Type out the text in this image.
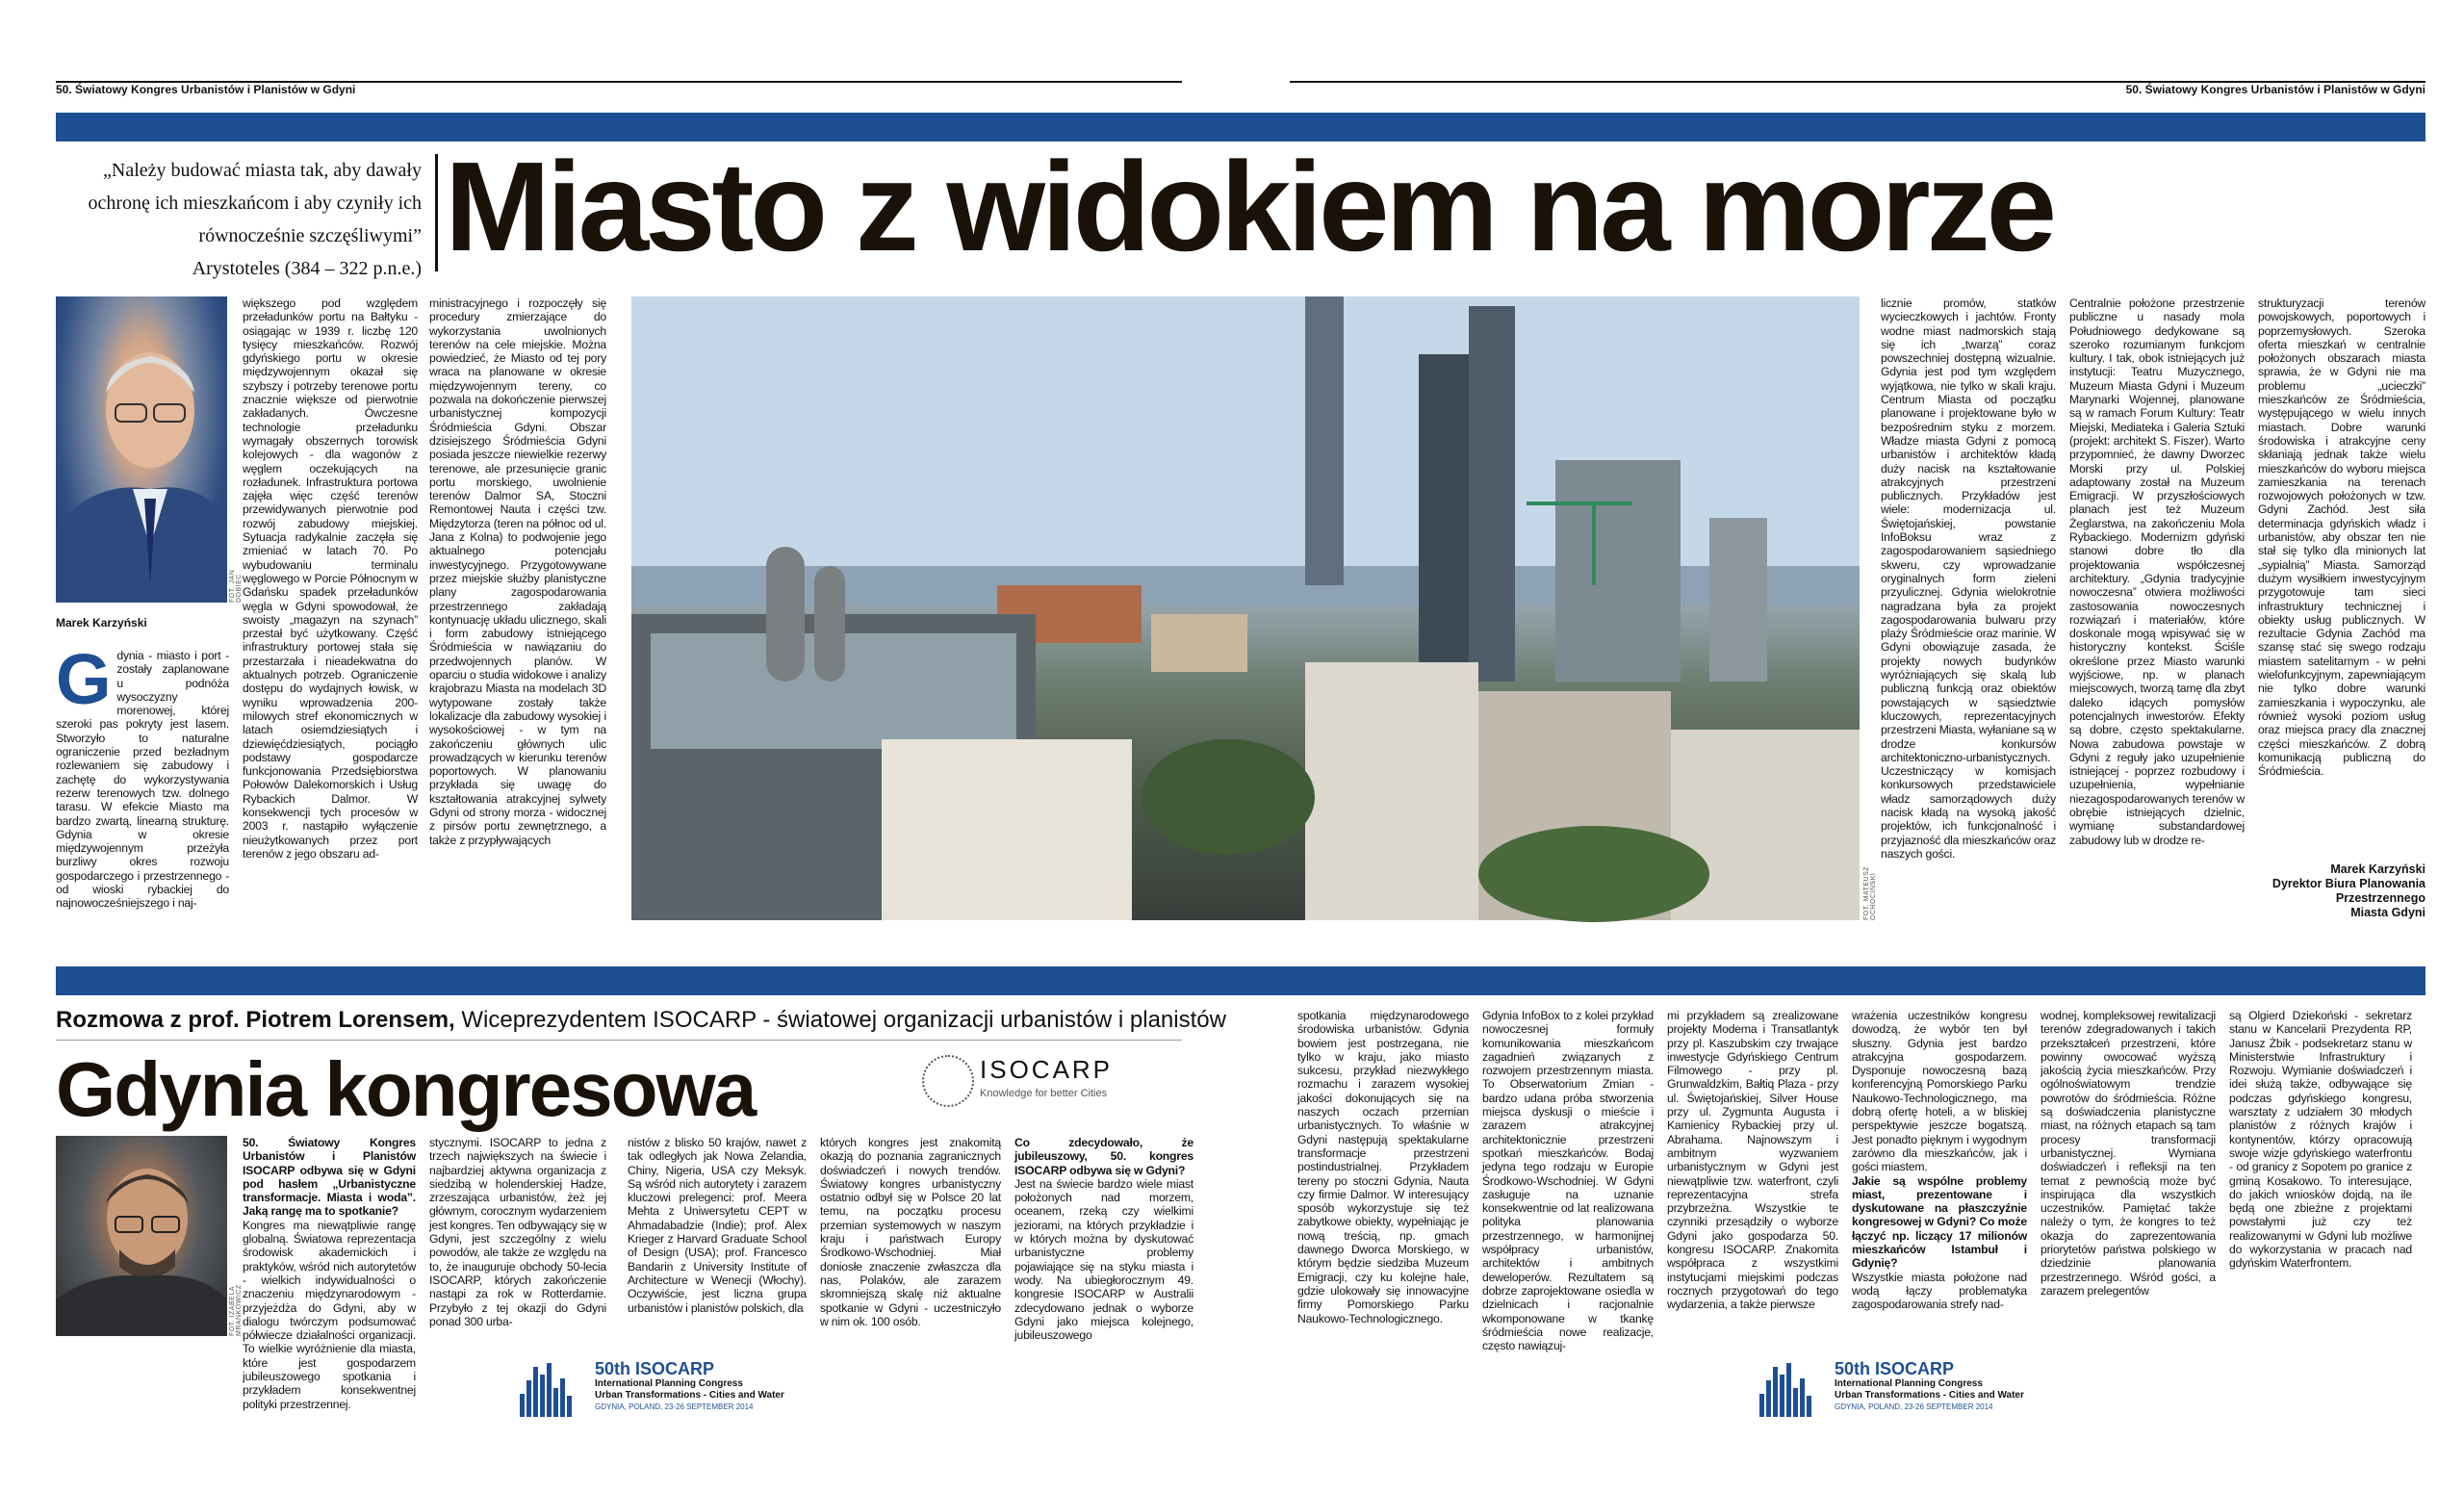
50. Światowy Kongres Urbanistów i Planistów w Gdyni	50. Światowy Kongres Urbanistów i Planistów w Gdyni
„Należy budować miasta tak, aby dawały
ochronę ich mieszkańcom i aby czyniły ich
równocześnie szczęśliwymi”
Arystoteles (384 – 322 p.n.e.) Miasto z widokiem na morze
FOT. JAN DOBIEC
Marek Karzyński
Gdynia - miasto i port - zostały zaplanowane u podnóża wysoczyzny morenowej, której szeroki pas pokryty jest lasem. Stworzyło to naturalne ograniczenie przed bezładnym rozlewaniem się zabudowy i zachętę do wykorzystywania rezerw terenowych tzw. dolnego tarasu. W efekcie Miasto ma bardzo zwartą, linearną strukturę. Gdynia w okresie międzywojennym przeżyła burzliwy okres rozwoju gospodarczego i przestrzennego - od wioski rybackiej do najnowocześniejszego i naj-
większego pod względem przeładunków portu na Bałtyku - osiągając w 1939 r. liczbę 120 tysięcy mieszkańców. Rozwój gdyńskiego portu w okresie międzywojennym okazał się szybszy i potrzeby terenowe portu znacznie większe od pierwotnie zakładanych. Ówczesne technologie przeładunku wymagały obszernych torowisk kolejowych - dla wagonów z węglem oczekujących na rozładunek. Infrastruktura portowa zajęła więc część terenów przewidywanych pierwotnie pod rozwój zabudowy miejskiej. Sytuacja radykalnie zaczęła się zmieniać w latach 70. Po wybudowaniu terminalu węglowego w Porcie Północnym w Gdańsku spadek przeładunków węgla w Gdyni spowodował, że swoisty „magazyn na szynach” przestał być użytkowany. Część infrastruktury portowej stała się przestarzała i nieadekwatna do aktualnych potrzeb. Ograniczenie dostępu do wydajnych łowisk, w wyniku wprowadzenia 200-milowych stref ekonomicznych w latach osiemdziesiątych i dziewięćdziesiątych, pociągło podstawy gospodarcze funkcjonowania Przedsiębiorstwa Połowów Dalekomorskich i Usług Rybackich Dalmor. W konsekwencji tych procesów w 2003 r. nastąpiło wyłączenie nieużytkowanych przez port terenów z jego obszaru ad-
ministracyjnego i rozpoczęły się procedury zmierzające do wykorzystania uwolnionych terenów na cele miejskie. Można powiedzieć, że Miasto od tej pory wraca na planowane w okresie międzywojennym tereny, co pozwala na dokończenie pierwszej urbanistycznej kompozycji Śródmieścia Gdyni. Obszar dzisiejszego Śródmieścia Gdyni posiada jeszcze niewielkie rezerwy terenowe, ale przesunięcie granic portu morskiego, uwolnienie terenów Dalmor SA, Stoczni Remontowej Nauta i części tzw. Międzytorza (teren na północ od ul. Jana z Kolna) to podwojenie jego aktualnego potencjału inwestycyjnego. Przygotowywane przez miejskie służby planistyczne plany zagospodarowania przestrzennego zakładają kontynuację układu ulicznego, skali i form zabudowy istniejącego Śródmieścia w nawiązaniu do przedwojennych planów. W oparciu o studia widokowe i analizy krajobrazu Miasta na modelach 3D wytypowane zostały także lokalizacje dla zabudowy wysokiej i wysokościowej - w tym na zakończeniu głównych ulic prowadzących w kierunku terenów poportowych. W planowaniu przykłada się uwagę do kształtowania atrakcyjnej sylwety Gdyni od strony morza - widocznej z pirsów portu zewnętrznego, a także z przypływających
FOT. MATEUSZ OCHOCIŃSKI
licznie promów, statków wycieczkowych i jachtów. Fronty wodne miast nadmorskich stają się ich „twarzą” coraz powszechniej dostępną wizualnie. Gdynia jest pod tym względem wyjątkowa, nie tylko w skali kraju. Centrum Miasta od początku planowane i projektowane było w bezpośrednim styku z morzem. Władze miasta Gdyni z pomocą urbanistów i architektów kładą duży nacisk na kształtowanie atrakcyjnych przestrzeni publicznych. Przykładów jest wiele: modernizacja ul. Świętojańskiej, powstanie InfoBoksu wraz z zagospodarowaniem sąsiedniego skweru, czy wprowadzanie oryginalnych form zieleni przyulicznej. Gdynia wielokrotnie nagradzana była za projekt zagospodarowania bulwaru przy plaży Śródmieście oraz marinie. W Gdyni obowiązuje zasada, że projekty nowych budynków wyróżniających się skalą lub publiczną funkcją oraz obiektów powstających w sąsiedztwie kluczowych, reprezentacyjnych przestrzeni Miasta, wyłaniane są w drodze konkursów architektoniczno-urbanistycznych. Uczestniczący w komisjach konkursowych przedstawiciele władz samorządowych duży nacisk kładą na wysoką jakość projektów, ich funkcjonalność i przyjazność dla mieszkańców oraz naszych gości.
Centralnie położone przestrzenie publiczne u nasady mola Południowego dedykowane są szeroko rozumianym funkcjom kultury. I tak, obok istniejących już instytucji: Teatru Muzycznego, Muzeum Miasta Gdyni i Muzeum Marynarki Wojennej, planowane są w ramach Forum Kultury: Teatr Miejski, Mediateka i Galeria Sztuki (projekt: architekt S. Fiszer). Warto przypomnieć, że dawny Dworzec Morski przy ul. Polskiej adaptowany został na Muzeum Emigracji. W przyszłościowych planach jest też Muzeum Żeglarstwa, na zakończeniu Mola Rybackiego. Modernizm gdyński stanowi dobre tło dla projektowania współczesnej architektury. „Gdynia tradycyjnie nowoczesna” otwiera możliwości zastosowania nowoczesnych rozwiązań i materiałów, które doskonale mogą wpisywać się w historyczny kontekst. Ściśle określone przez Miasto warunki wyjściowe, np. w planach miejscowych, tworzą tamę dla zbyt daleko idących pomysłów potencjalnych inwestorów. Efekty są dobre, często spektakularne. Nowa zabudowa powstaje w Gdyni z reguły jako uzupełnienie istniejącej - poprzez rozbudowy i uzupełnienia, wypełnianie niezagospodarowanych terenów w obrębie istniejących dzielnic, wymianę substandardowej zabudowy lub w drodze re-
strukturyzacji terenów powojskowych, poportowych i poprzemysłowych. Szeroka oferta mieszkań w centralnie położonych obszarach miasta sprawia, że w Gdyni nie ma problemu „ucieczki” mieszkańców ze Śródmieścia, występującego w wielu innych miastach. Dobre warunki środowiska i atrakcyjne ceny skłaniają jednak także wielu mieszkańców do wyboru miejsca zamieszkania na terenach rozwojowych położonych w tzw. Gdyni Zachód. Jest siła determinacja gdyńskich władz i urbanistów, aby obszar ten nie stał się tylko dla minionych lat „sypialnią” Miasta. Samorząd dużym wysiłkiem inwestycyjnym przygotowuje tam sieci infrastruktury technicznej i obiekty usług publicznych. W rezultacie Gdynia Zachód ma szansę stać się swego rodzaju miastem satelitarnym - w pełni wielofunkcyjnym, zapewniającym nie tylko dobre warunki zamieszkania i wypoczynku, ale również wysoki poziom usług oraz miejsca pracy dla znacznej części mieszkańców. Z dobrą komunikacją publiczną do Śródmieścia.
Marek Karzyński
Dyrektor Biura Planowania
Przestrzennego
Miasta Gdyni
Rozmowa z prof. Piotrem Lorensem, Wiceprezydentem ISOCARP - światowej organizacji urbanistów i planistów
Gdynia kongresowa	ISOCARP
Knowledge for better Cities
FOT. IZABELA MRANKOWICZ

50. Światowy Kongres Urbanistów i Planistów ISOCARP odbywa się w Gdyni pod hasłem „Urbanistyczne transformacje. Miasta i woda”. Jaką rangę ma to spotkanie?

Kongres ma niewątpliwie rangę globalną. Światowa reprezentacja środowisk akademickich i praktyków, wśród nich autorytetów - wielkich indywidualności o znaczeniu międzynarodowym - przyjeżdża do Gdyni, aby w dialogu twórczym podsumować półwiecze działalności organizacji. To wielkie wyróżnienie dla miasta, które jest gospodarzem jubileuszowego spotkania i przykładem konsekwentnej polityki przestrzennej.

stycznymi. ISOCARP to jedna z trzech największych na świecie i najbardziej aktywna organizacja z siedzibą w holenderskiej Hadze, zrzeszająca urbanistów, żeż jej głównym, corocznym wydarzeniem jest kongres. Ten odbywający się w Gdyni, jest szczególny z wielu powodów, ale także ze względu na to, że inauguruje obchody 50-lecia ISOCARP, których zakończenie nastąpi za rok w Rotterdamie. Przybyło z tej okazji do Gdyni ponad 300 urba-
nistów z blisko 50 krajów, nawet z tak odległych jak Nowa Zelandia, Chiny, Nigeria, USA czy Meksyk. Są wśród nich autorytety i zarazem kluczowi prelegenci: prof. Meera Mehta z Uniwersytetu CEPT w Ahmadabadzie (Indie); prof. Alex Krieger z Harvard Graduate School of Design (USA); prof. Francesco Bandarin z University Institute of Architecture w Wenecji (Włochy). Oczywiście, jest liczna grupa urbanistów i planistów polskich, dla
których kongres jest znakomitą okazją do poznania zagranicznych doświadczeń i nowych trendów. Światowy kongres urbanistyczny ostatnio odbył się w Polsce 20 lat temu, na początku procesu przemian systemowych w naszym kraju i państwach Europy Środkowo-Wschodniej. Miał doniosłe znaczenie zwłaszcza dla nas, Polaków, ale zarazem skromniejszą skalę niż aktualne spotkanie w Gdyni - uczestniczyło w nim ok. 100 osób.

Co zdecydowało, że jubileuszowy, 50. kongres ISOCARP odbywa się w Gdyni?

Jest na świecie bardzo wiele miast położonych nad morzem, oceanem, rzeką czy wielkimi jeziorami, na których przykładzie i w których można by dyskutować urbanistyczne problemy pojawiające się na styku miasta i wody. Na ubiegłorocznym 49. kongresie ISOCARP w Australii zdecydowano jednak o wyborze Gdyni jako miejsca kolejnego, jubileuszowego

spotkania międzynarodowego środowiska urbanistów. Gdynia bowiem jest postrzegana, nie tylko w kraju, jako miasto sukcesu, przykład niezwykłego rozmachu i zarazem wysokiej jakości dokonujących się na naszych oczach przemian urbanistycznych. To właśnie w Gdyni następują spektakularne transformacje przestrzeni postindustrialnej. Przykładem tereny po stoczni Gdynia, Nauta czy firmie Dalmor. W interesujący sposób wykorzystuje się też zabytkowe obiekty, wypełniając je nową treścią, np. gmach dawnego Dworca Morskiego, w którym będzie siedziba Muzeum Emigracji, czy ku kolejne hale, gdzie ulokowały się innowacyjne firmy Pomorskiego Parku Naukowo-Technologicznego.
Gdynia InfoBox to z kolei przykład nowoczesnej formuły komunikowania mieszkańcom zagadnień związanych z rozwojem przestrzennym miasta. To Obserwatorium Zmian - bardzo udana próba stworzenia miejsca dyskusji o mieście i zarazem atrakcyjnej architektonicznie przestrzeni spotkań mieszkańców. Bodaj jedyna tego rodzaju w Europie Środkowo-Wschodniej. W Gdyni zasługuje na uznanie konsekwentnie od lat realizowana polityka planowania przestrzennego, w harmonijnej współpracy urbanistów, architektów i ambitnych deweloperów. Rezultatem są dobrze zaprojektowane osiedla w dzielnicach i racjonalnie wkomponowane w tkankę śródmieścia nowe realizacje, często nawiązuj-
mi przykładem są zrealizowane projekty Modema i Transatlantyk przy pl. Kaszubskim czy trwające inwestycje Gdyńskiego Centrum Filmowego - przy pl. Grunwaldzkim, Bałtiq Plaza - przy ul. Świętojańskiej, Silver House przy ul. Zygmunta Augusta i Kamienicy Rybackiej przy ul. Abrahama. Najnowszym i ambitnym wyzwaniem urbanistycznym w Gdyni jest niewątpliwie tzw. waterfront, czyli reprezentacyjna strefa przybrzeżna. Wszystkie te czynniki przesądziły o wyborze Gdyni jako gospodarza 50. kongresu ISOCARP. Znakomita współpraca z wszystkimi instytucjami miejskimi podczas rocznych przygotowań do tego wydarzenia, a także pierwsze

wrażenia uczestników kongresu dowodzą, że wybór ten był słuszny. Gdynia jest bardzo atrakcyjna gospodarzem. Dysponuje nowoczesną bazą konferencyjną Pomorskiego Parku Naukowo-Technologicznego, ma dobrą ofertę hoteli, a w bliskiej perspektywie jeszcze bogatszą. Jest ponadto pięknym i wygodnym zarówno dla mieszkańców, jak i gości miastem.

Jakie są wspólne problemy miast, prezentowane i dyskutowane na płaszczyźnie kongresowej w Gdyni? Co może łączyć np. liczący 17 milionów mieszkańców Istambuł i Gdynię?

Wszystkie miasta położone nad wodą łączy problematyka zagospodarowania strefy nad-

wodnej, kompleksowej rewitalizacji terenów zdegradowanych i takich przekształceń przestrzeni, które powinny owocować wyższą jakością życia mieszkańców. Przy ogólnoświatowym trendzie powrotów do śródmieścia. Różne są doświadczenia planistyczne miast, na różnych etapach są tam procesy transformacji urbanistycznej. Wymiana doświadczeń i refleksji na ten temat z pewnością może być inspirująca dla wszystkich uczestników. Pamiętać także należy o tym, że kongres to też okazja do zaprezentowania priorytetów państwa polskiego w dziedzinie planowania przestrzennego. Wśród gości, a zarazem prelegentów
są Olgierd Dziekoński - sekretarz stanu w Kancelarii Prezydenta RP, Janusz Żbik - podsekretarz stanu w Ministerstwie Infrastruktury i Rozwoju. Wymianie doświadczeń i idei służą także, odbywające się podczas gdyńskiego kongresu, warsztaty z udziałem 30 młodych planistów z różnych krajów i kontynentów, którzy opracowują swoje wizje gdyńskiego waterfrontu - od granicy z Sopotem po granice z gminą Kosakowo. To interesujące, do jakich wniosków dojdą, na ile będą one zbieżne z projektami powstałymi już czy też realizowanymi w Gdyni lub możliwe do wykorzystania w pracach nad gdyńskim Waterfrontem.
50th ISOCARP
International Planning Congress
Urban Transformations - Cities and Water
GDYNIA, POLAND, 23-26 SEPTEMBER 2014
50th ISOCARP
International Planning Congress
Urban Transformations - Cities and Water
GDYNIA, POLAND, 23-26 SEPTEMBER 2014
